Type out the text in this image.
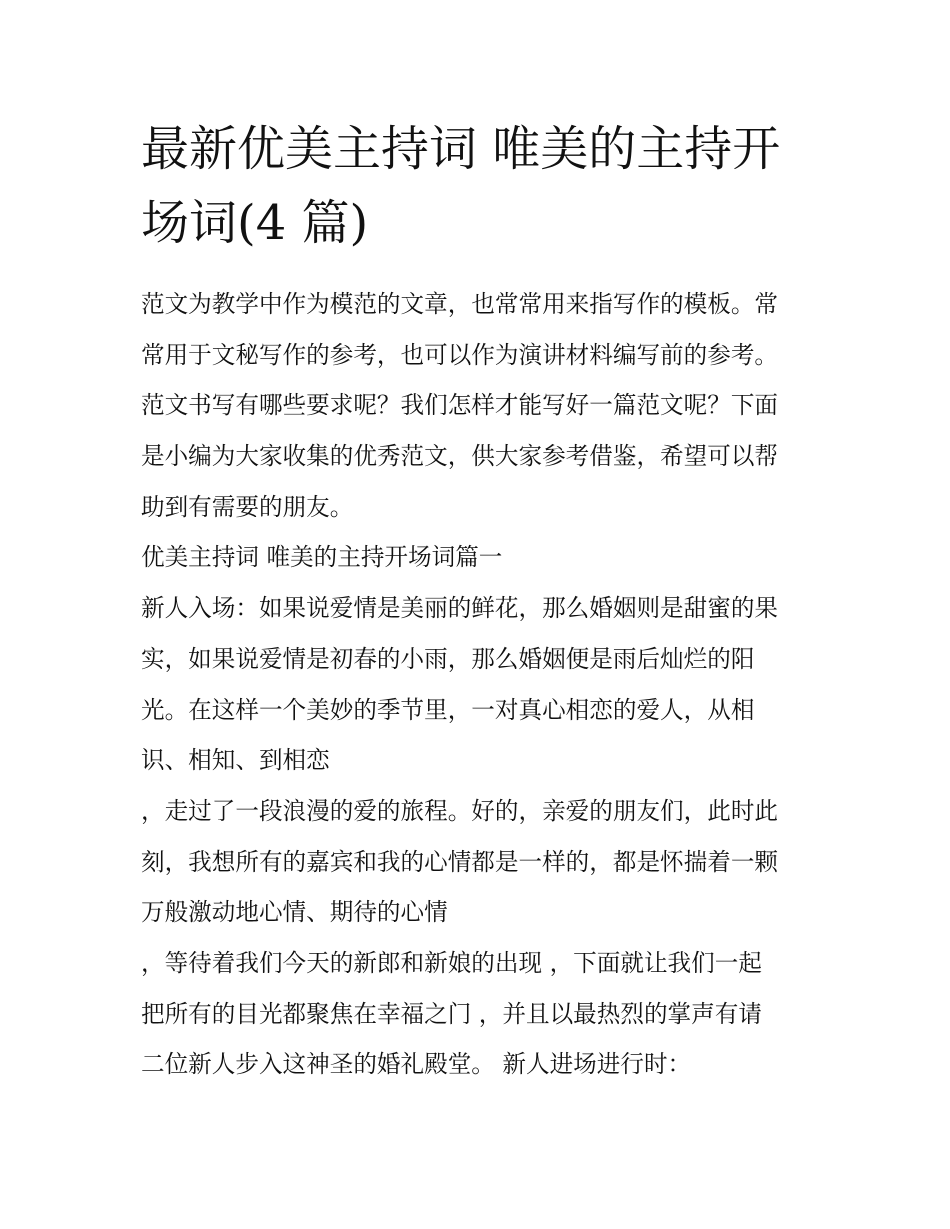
最新优美主持词 唯美的主持开
场词(4 篇)
范文为教学中作为模范的文章，也常常用来指写作的模板。常
常用于文秘写作的参考，也可以作为演讲材料编写前的参考。
范文书写有哪些要求呢？我们怎样才能写好一篇范文呢？下面
是小编为大家收集的优秀范文，供大家参考借鉴，希望可以帮
助到有需要的朋友。
优美主持词 唯美的主持开场词篇一
新人入场：如果说爱情是美丽的鲜花，那么婚姻则是甜蜜的果
实，如果说爱情是初春的小雨，那么婚姻便是雨后灿烂的阳
光。在这样一个美妙的季节里，一对真心相恋的爱人，从相
识、相知、到相恋
，走过了一段浪漫的爱的旅程。好的，亲爱的朋友们，此时此
刻，我想所有的嘉宾和我的心情都是一样的，都是怀揣着一颗
万般激动地心情、期待的心情
，等待着我们今天的新郎和新娘的出现 ，下面就让我们一起
把所有的目光都聚焦在幸福之门 ，并且以最热烈的掌声有请
二位新人步入这神圣的婚礼殿堂。 新人进场进行时：
